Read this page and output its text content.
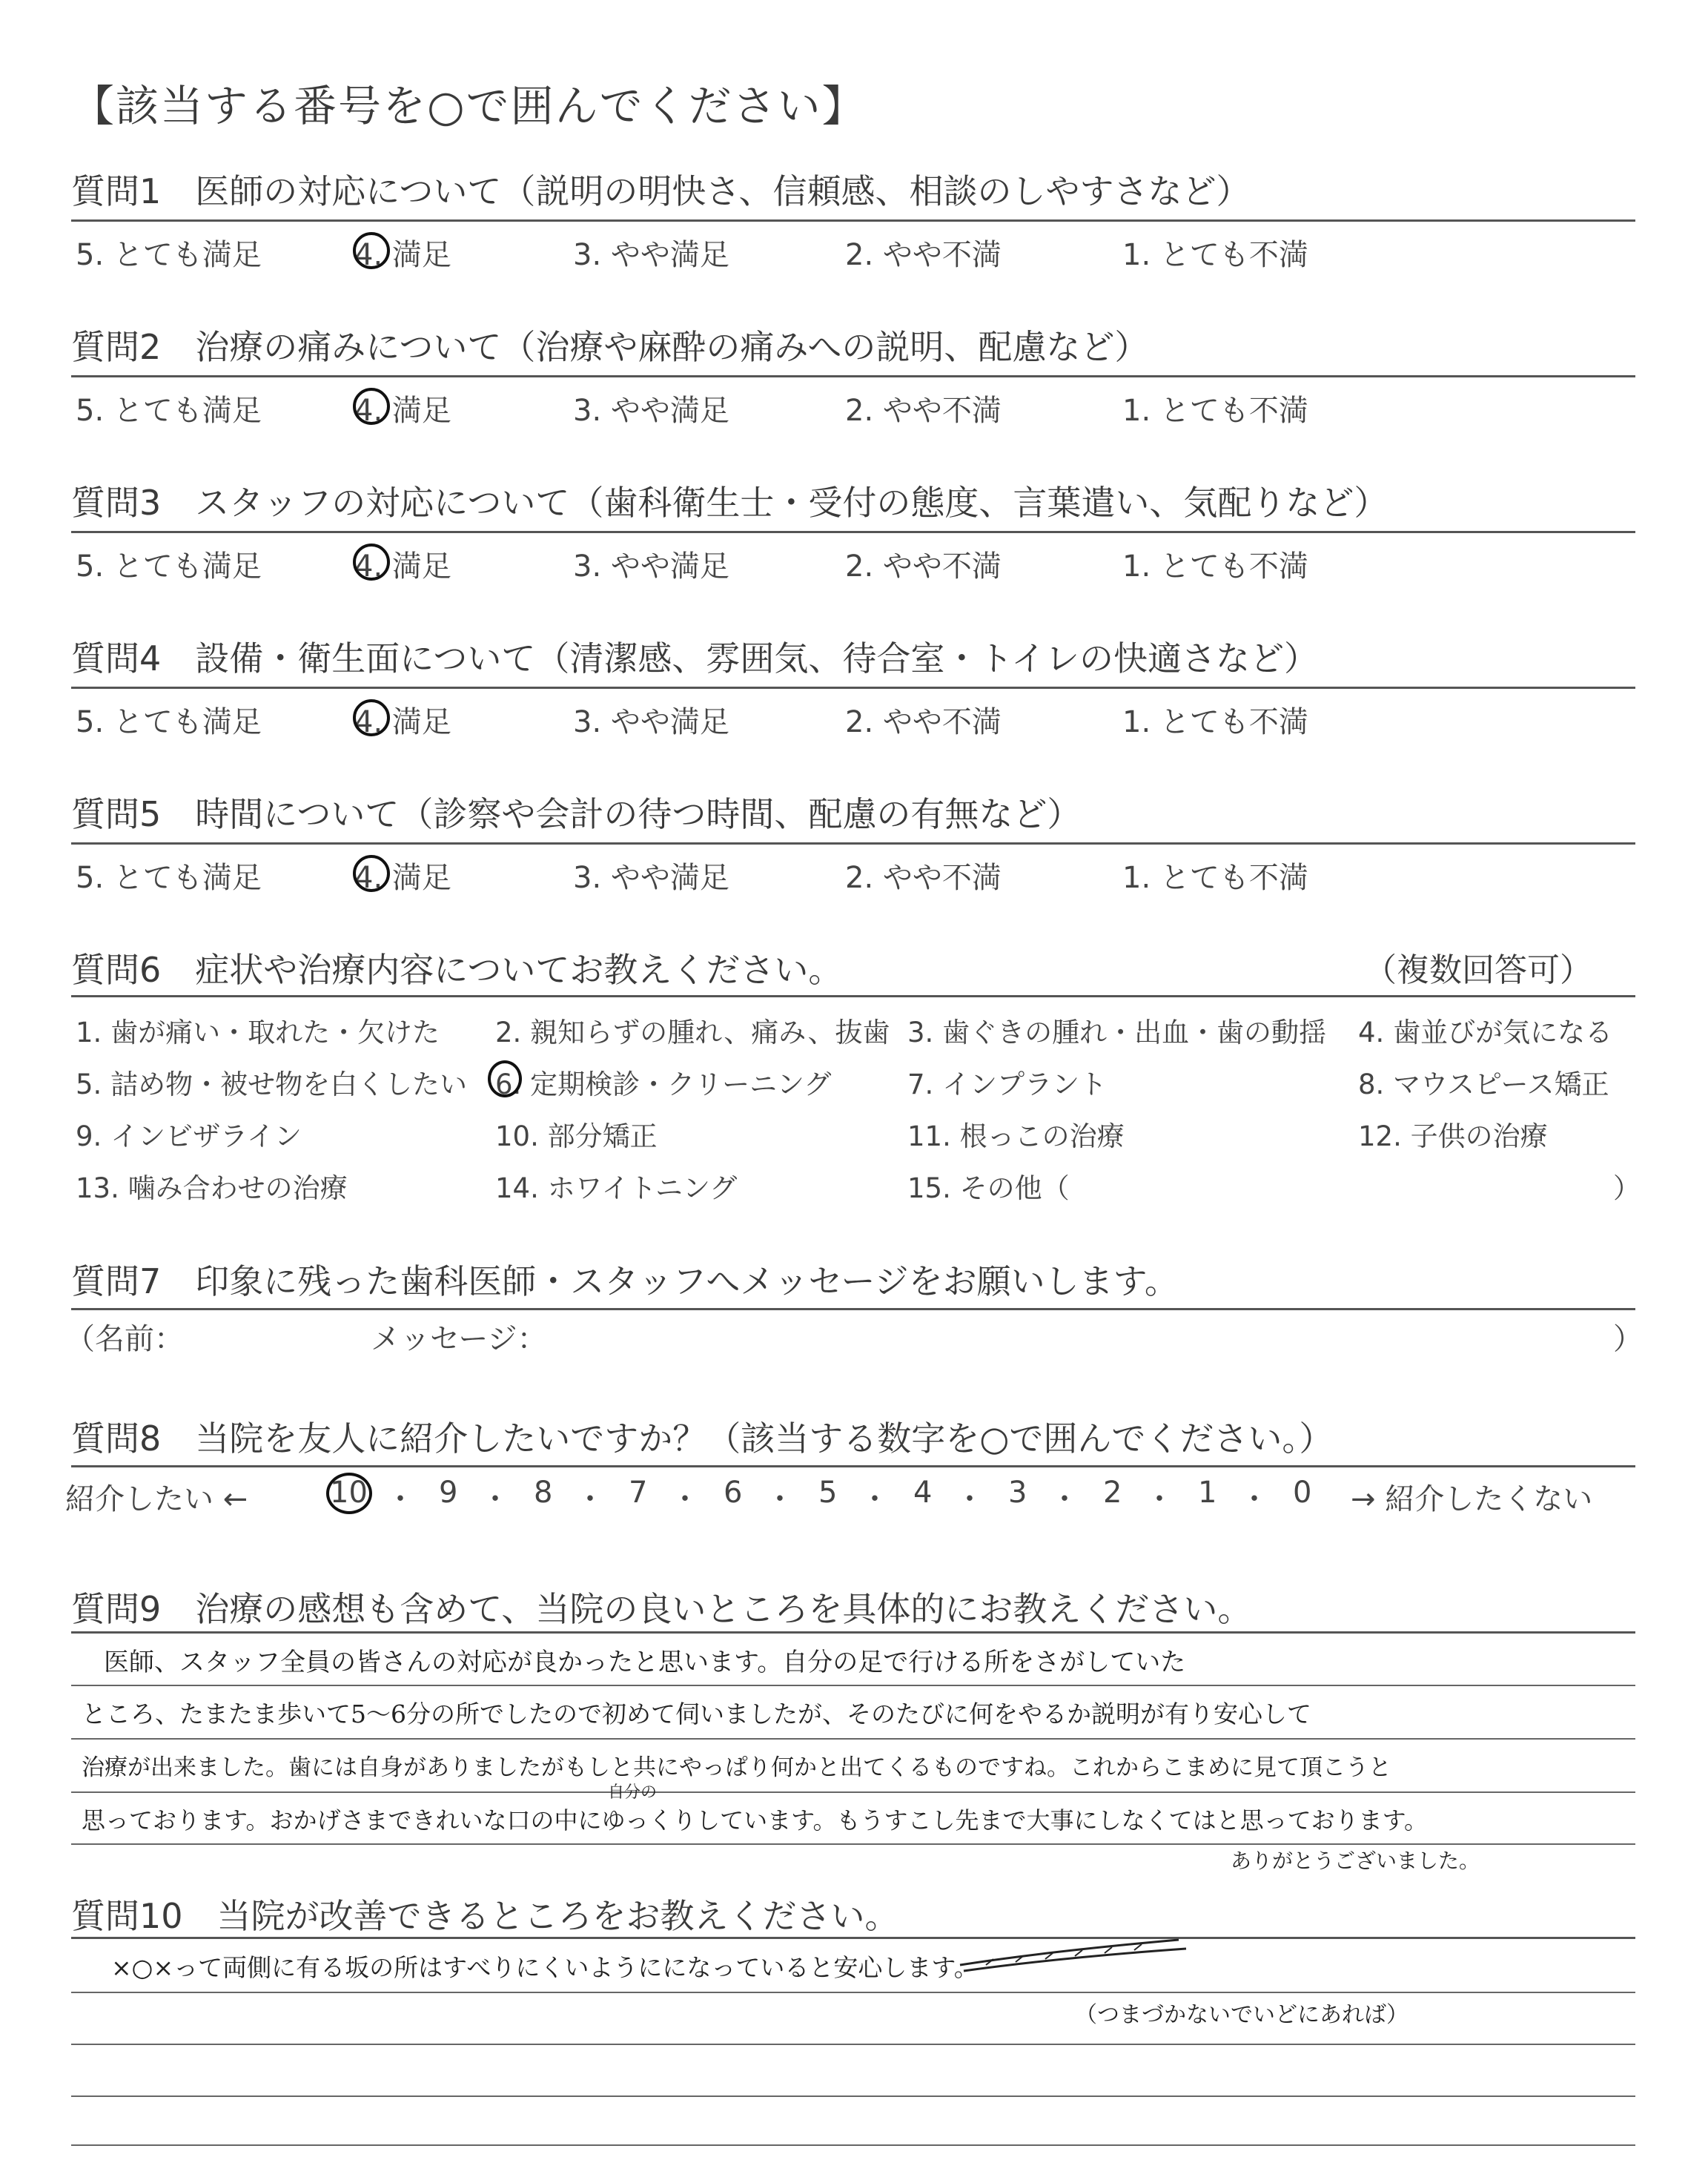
【該当する番号を○で囲んでください】
質問1　医師の対応について（説明の明快さ、信頼感、相談のしやすさなど）
5. とても満足	4. 満足	3. やや満足	2. やや不満	1. とても不満
質問2　治療の痛みについて（治療や麻酔の痛みへの説明、配慮など）
5. とても満足	4. 満足	3. やや満足	2. やや不満	1. とても不満
質問3　スタッフの対応について（歯科衛生士・受付の態度、言葉遣い、気配りなど）
5. とても満足	4. 満足	3. やや満足	2. やや不満	1. とても不満
質問4　設備・衛生面について（清潔感、雰囲気、待合室・トイレの快適さなど）
5. とても満足	4. 満足	3. やや満足	2. やや不満	1. とても不満
質問5　時間について（診察や会計の待つ時間、配慮の有無など）
5. とても満足	4. 満足	3. やや満足	2. やや不満	1. とても不満
質問6　症状や治療内容についてお教えください。	（複数回答可）
1. 歯が痛い・取れた・欠けた 2. 親知らずの腫れ、痛み、抜歯 3. 歯ぐきの腫れ・出血・歯の動揺 4. 歯並びが気になる
5. 詰め物・被せ物を白くしたい 6. 定期検診・クリーニング	7. インプラント	8. マウスピース矯正
9. インビザライン	10. 部分矯正	11. 根っこの治療	12. 子供の治療
13. 噛み合わせの治療	14. ホワイトニング	15. その他（	）
質問7　印象に残った歯科医師・スタッフへメッセージをお願いします。
（名前：	メッセージ：	）
質問8　当院を友人に紹介したいですか？（該当する数字を○で囲んでください。）
紹介したい ←	10 ・ 9 ・ 8 ・ 7 ・ 6 ・ 5 ・ 4 ・ 3 ・ 2 ・ 1 ・ 0 → 紹介したくない
質問9　治療の感想も含めて、当院の良いところを具体的にお教えください。
医師、スタッフ全員の皆さんの対応が良かったと思います。自分の足で行ける所をさがしていた
ところ、たまたま歩いて5〜6分の所でしたので初めて伺いましたが、そのたびに何をやるか説明が有り安心して
治療が出来ました。歯には自身がありましたがもしと共にやっぱり何かと出てくるものですね。これからこまめに見て頂こうと
自分の
思っております。おかげさまできれいな口の中にゆっくりしています。もうすこし先まで大事にしなくてはと思っております。
ありがとうございました。
質問10　当院が改善できるところをお教えください。
×○×って両側に有る坂の所はすべりにくいようにになっていると安心します。
（つまづかないでいどにあれば）
